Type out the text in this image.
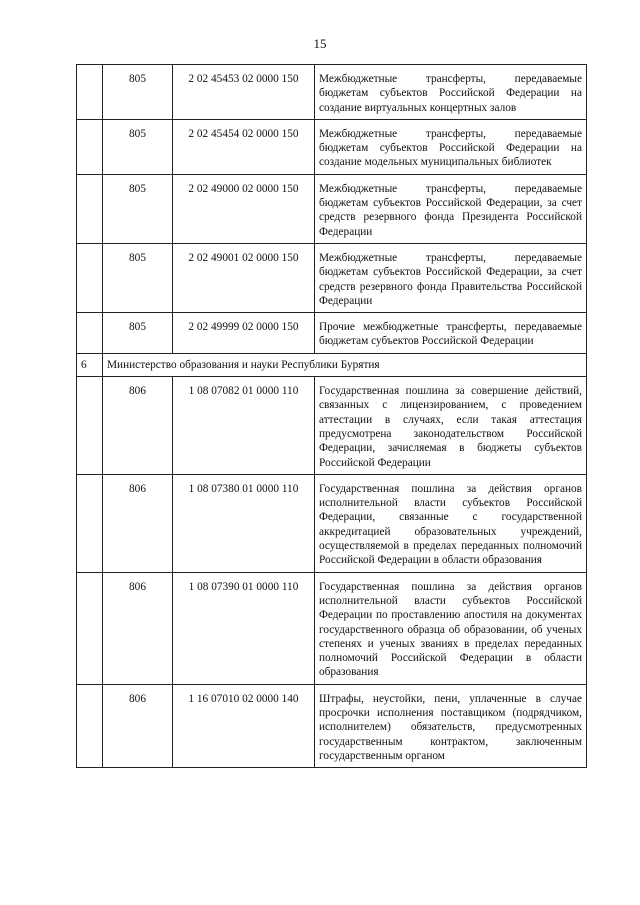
15
	805	2 02 45453 02 0000 150	Межбюджетные трансферты, передаваемые бюджетам субъектов Российской Федерации на создание виртуальных концертных залов
	805	2 02 45454 02 0000 150	Межбюджетные трансферты, передаваемые бюджетам субъектов Российской Федерации на создание модельных муниципальных библиотек
	805	2 02 49000 02 0000 150	Межбюджетные трансферты, передаваемые бюджетам субъектов Российской Федерации, за счет средств резервного фонда Президента Российской Федерации
	805	2 02 49001 02 0000 150	Межбюджетные трансферты, передаваемые бюджетам субъектов Российской Федерации, за счет средств резервного фонда Правительства Российской Федерации
	805	2 02 49999 02 0000 150	Прочие межбюджетные трансферты, передаваемые бюджетам субъектов Российской Федерации
6	Министерство образования и науки Республики Бурятия		
	806	1 08 07082 01 0000 110	Государственная пошлина за совершение действий, связанных с лицензированием, с проведением аттестации в случаях, если такая аттестация предусмотрена законодательством Российской Федерации, зачисляемая в бюджеты субъектов Российской Федерации
	806	1 08 07380 01 0000 110	Государственная пошлина за действия органов исполнительной власти субъектов Российской Федерации, связанные с государственной аккредитацией образовательных учреждений, осуществляемой в пределах переданных полномочий Российской Федерации в области образования
	806	1 08 07390 01 0000 110	Государственная пошлина за действия органов исполнительной власти субъектов Российской Федерации по проставлению апостиля на документах государственного образца об образовании, об ученых степенях и ученых званиях в пределах переданных полномочий Российской Федерации в области образования
	806	1 16 07010 02 0000 140	Штрафы, неустойки, пени, уплаченные в случае просрочки исполнения поставщиком (подрядчиком, исполнителем) обязательств, предусмотренных государственным контрактом, заключенным государственным органом
